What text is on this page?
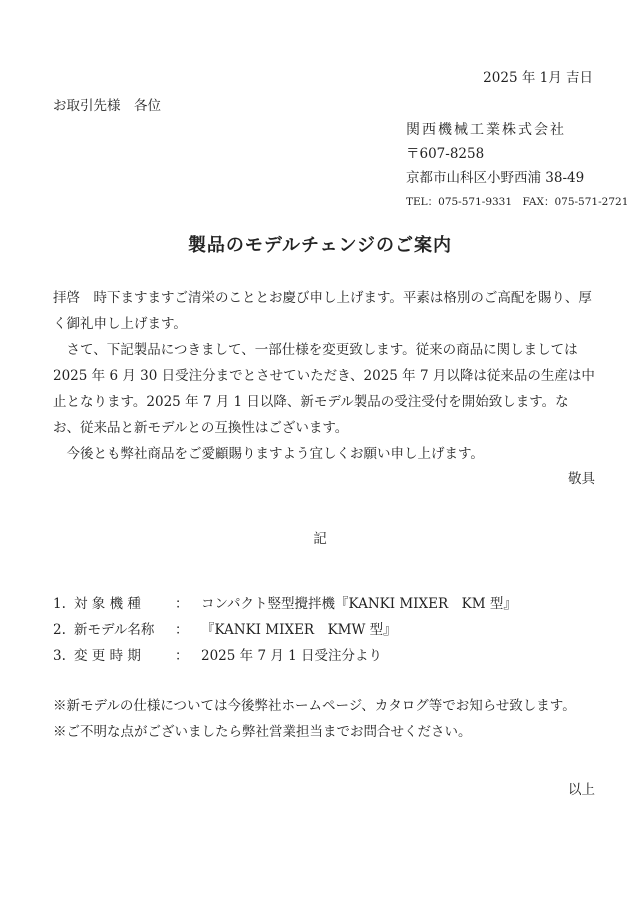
2025 年 1月 吉日
お取引先様　各位
関西機械工業株式会社
〒607-8258
京都市山科区小野西浦 38-49
TEL：075-571-9331　FAX：075-571-2721
製品のモデルチェンジのご案内

拝啓　時下ますますご清栄のこととお慶び申し上げます。平素は格別のご高配を賜り、厚く御礼申し上げます。

さて、下記製品につきまして、一部仕様を変更致します。従来の商品に関しましては 2025 年 6 月 30 日受注分までとさせていただき、2025 年 7 月以降は従来品の生産は中止となります。2025 年 7 月 1 日以降、新モデル製品の受注受付を開始致します。なお、従来品と新モデルとの互換性はございます。

今後とも弊社商品をご愛顧賜りますよう宜しくお願い申し上げます。

敬具
記
1. 対 象 機 種	： コンパクト竪型攪拌機『KANKI MIXER　KM 型』
2. 新モデル名称 ： 『KANKI MIXER　KMW 型』
3. 変 更 時 期	： 2025 年 7 月 1 日受注分より
※新モデルの仕様については今後弊社ホームページ、カタログ等でお知らせ致します。
※ご不明な点がございましたら弊社営業担当までお問合せください。
以上
